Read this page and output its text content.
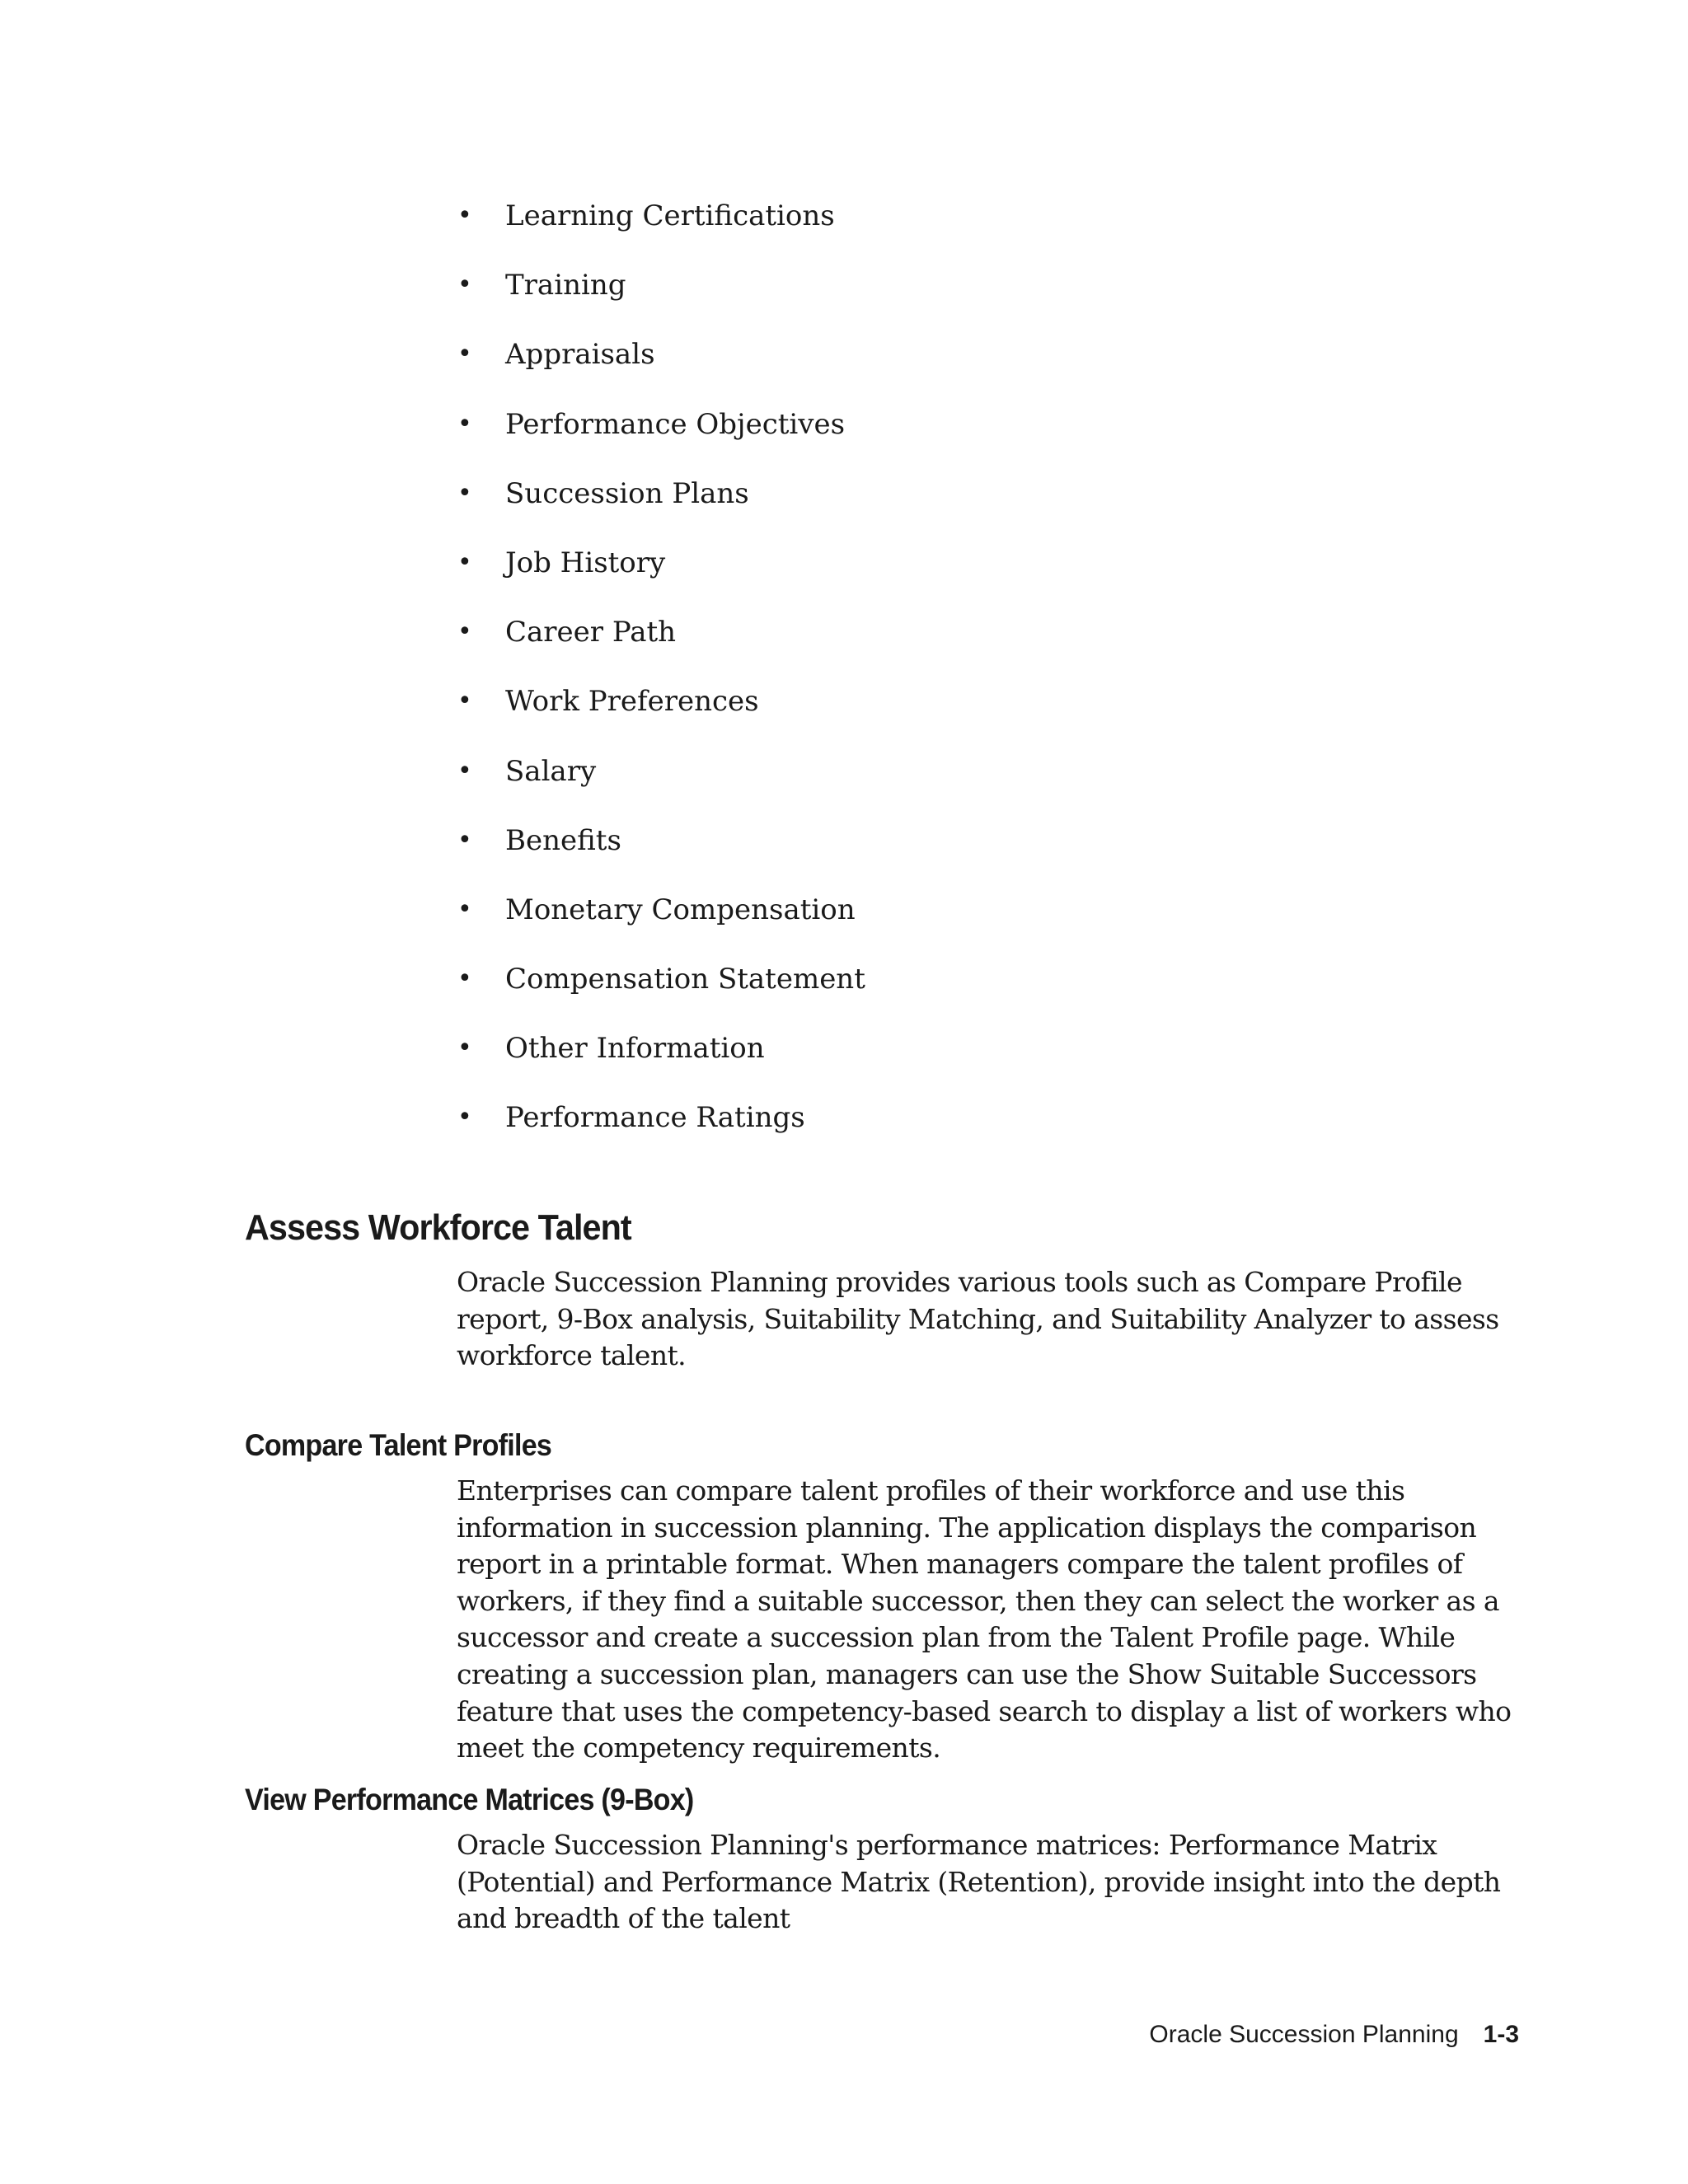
• Learning Certifications
• Training
• Appraisals
• Performance Objectives
• Succession Plans
• Job History
• Career Path
• Work Preferences
• Salary
• Benefits
• Monetary Compensation
• Compensation Statement
• Other Information
• Performance Ratings
Assess Workforce Talent

Oracle Succession Planning provides various tools such as Compare Profile report, 9-Box analysis, Suitability Matching, and Suitability Analyzer to assess workforce talent.

Compare Talent Profiles

Enterprises can compare talent profiles of their workforce and use this information in succession planning. The application displays the comparison report in a printable format. When managers compare the talent profiles of workers, if they find a suitable successor, then they can select the worker as a successor and create a succession plan from the Talent Profile page. While creating a succession plan, managers can use the Show Suitable Successors feature that uses the competency-based search to display a list of workers who meet the competency requirements.

View Performance Matrices (9-Box)

Oracle Succession Planning's performance matrices: Performance Matrix (Potential) and Performance Matrix (Retention), provide insight into the depth and breadth of the talent

Oracle Succession Planning 1-3
